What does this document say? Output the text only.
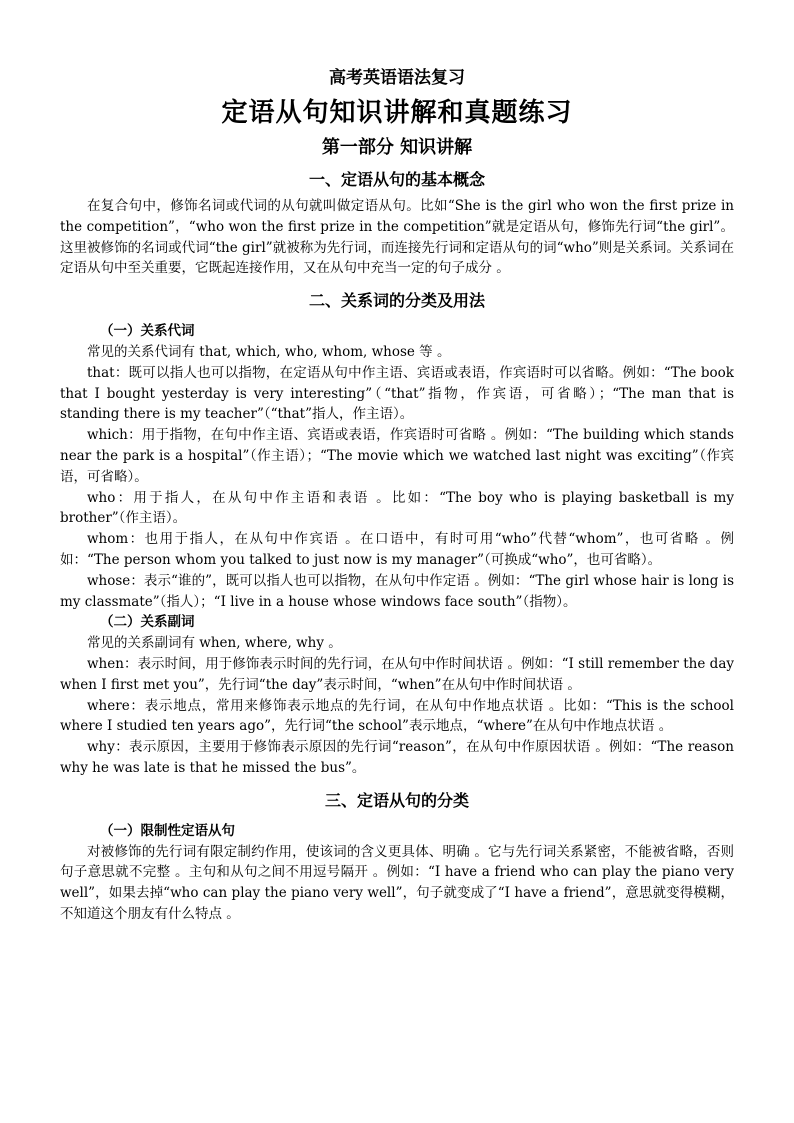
高考英语语法复习
定语从句知识讲解和真题练习
第一部分 知识讲解
一、定语从句的基本概念

在复合句中，修饰名词或代词的从句就叫做定语从句。比如“She is the girl who won the first prize in the competition”，“who won the first prize in the competition”就是定语从句，修饰先行词“the girl”。这里被修饰的名词或代词“the girl”就被称为先行词，而连接先行词和定语从句的词“who”则是关系词。关系词在定语从句中至关重要，它既起连接作用，又在从句中充当一定的句子成分 。

二、关系词的分类及用法
（一）关系代词

常见的关系代词有 that, which, who, whom, whose 等 。

that：既可以指人也可以指物，在定语从句中作主语、宾语或表语，作宾语时可以省略。例如：“The book that I bought yesterday is very interesting”（“that”指物，作宾语，可省略）；“The man that is standing there is my teacher”（“that”指人，作主语）。

which：用于指物，在句中作主语、宾语或表语，作宾语时可省略 。例如：“The building which stands near the park is a hospital”（作主语）；“The movie which we watched last night was exciting”（作宾语，可省略）。

who：用于指人，在从句中作主语和表语 。比如：“The boy who is playing basketball is my brother”（作主语）。

whom：也用于指人，在从句中作宾语 。在口语中，有时可用“who”代替“whom”，也可省略 。例如：“The person whom you talked to just now is my manager”（可换成“who”，也可省略）。

whose：表示“谁的”，既可以指人也可以指物，在从句中作定语 。例如：“The girl whose hair is long is my classmate”（指人）；“I live in a house whose windows face south”（指物）。

（二）关系副词

常见的关系副词有 when, where, why 。

when：表示时间，用于修饰表示时间的先行词，在从句中作时间状语 。例如：“I still remember the day when I first met you”，先行词“the day”表示时间，“when”在从句中作时间状语 。

where：表示地点，常用来修饰表示地点的先行词，在从句中作地点状语 。比如：“This is the school where I studied ten years ago”，先行词“the school”表示地点，“where”在从句中作地点状语 。

why：表示原因，主要用于修饰表示原因的先行词“reason”，在从句中作原因状语 。例如：“The reason why he was late is that he missed the bus”。

三、定语从句的分类
（一）限制性定语从句

对被修饰的先行词有限定制约作用，使该词的含义更具体、明确 。它与先行词关系紧密，不能被省略，否则句子意思就不完整 。主句和从句之间不用逗号隔开 。例如：“I have a friend who can play the piano very well”，如果去掉“who can play the piano very well”，句子就变成了“I have a friend”，意思就变得模糊，不知道这个朋友有什么特点 。
